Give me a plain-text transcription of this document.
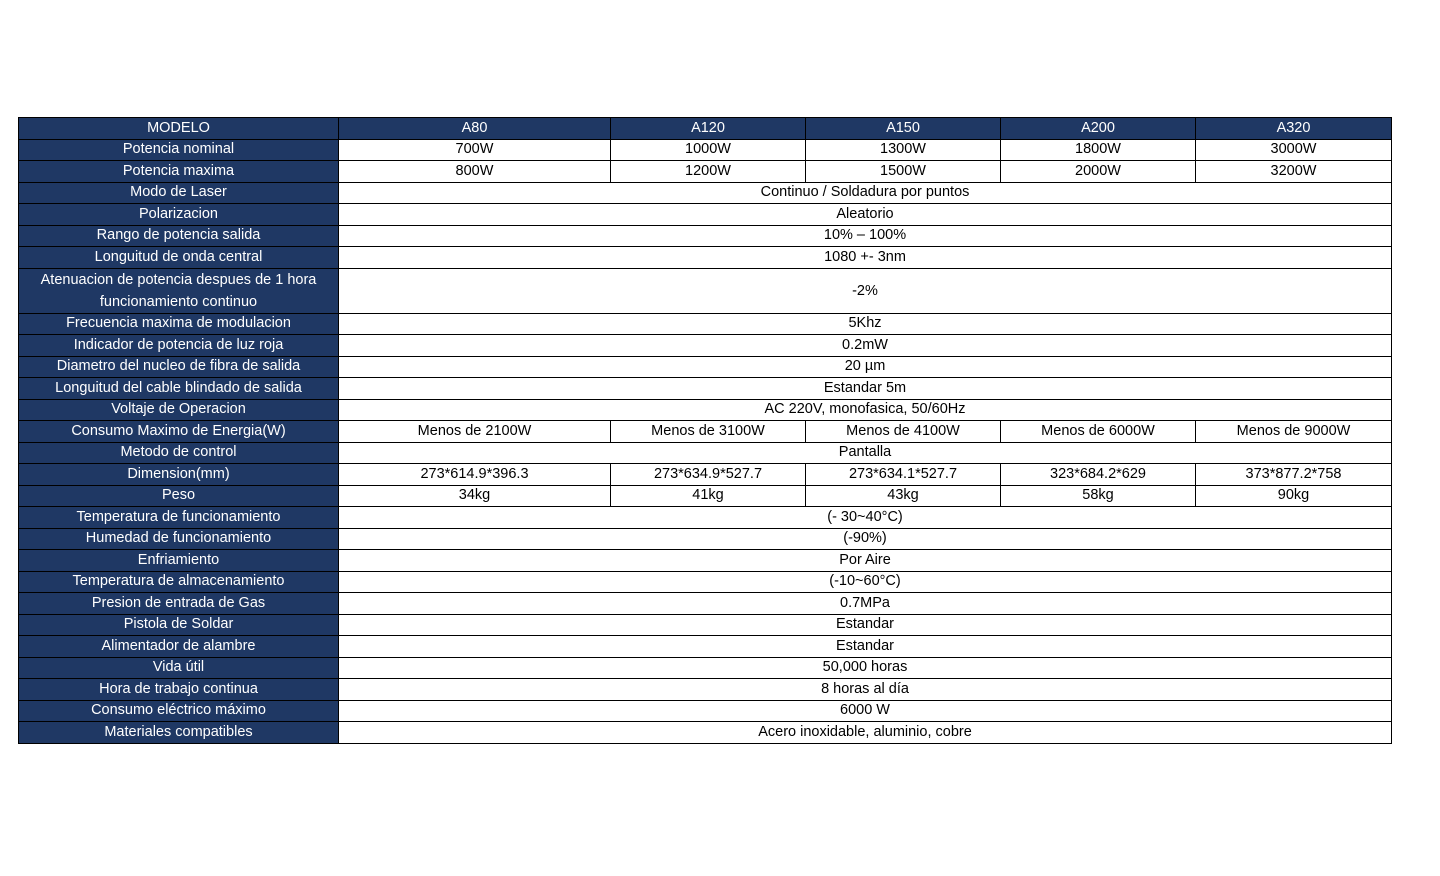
MODELO	A80	A120	A150	A200	A320
Potencia nominal	700W	1000W	1300W	1800W	3000W
Potencia maxima	800W	1200W	1500W	2000W	3200W
Modo de Laser	Continuo / Soldadura por puntos				
Polarizacion	Aleatorio				
Rango de potencia salida	10% – 100%				
Longuitud de onda central	1080 +- 3nm				
Atenuacion de potencia despues de 1 hora funcionamiento continuo	-2%				
Frecuencia maxima de modulacion	5Khz				
Indicador de potencia de luz roja	0.2mW				
Diametro del nucleo de fibra de salida	20 µm				
Longuitud del cable blindado de salida	Estandar 5m				
Voltaje de Operacion	AC 220V, monofasica, 50/60Hz				
Consumo Maximo de Energia(W)	Menos de 2100W	Menos de 3100W	Menos de 4100W	Menos de 6000W	Menos de 9000W
Metodo de control	Pantalla				
Dimension(mm)	273*614.9*396.3	273*634.9*527.7	273*634.1*527.7	323*684.2*629	373*877.2*758
Peso	34kg	41kg	43kg	58kg	90kg
Temperatura de funcionamiento	(- 30~40°C)				
Humedad de funcionamiento	(-90%)				
Enfriamiento	Por Aire				
Temperatura de almacenamiento	(-10~60°C)				
Presion de entrada de Gas	0.7MPa				
Pistola de Soldar	Estandar				
Alimentador de alambre	Estandar				
Vida útil	50,000 horas				
Hora de trabajo continua	8 horas al día				
Consumo eléctrico máximo	6000 W				
Materiales compatibles	Acero inoxidable, aluminio, cobre				
